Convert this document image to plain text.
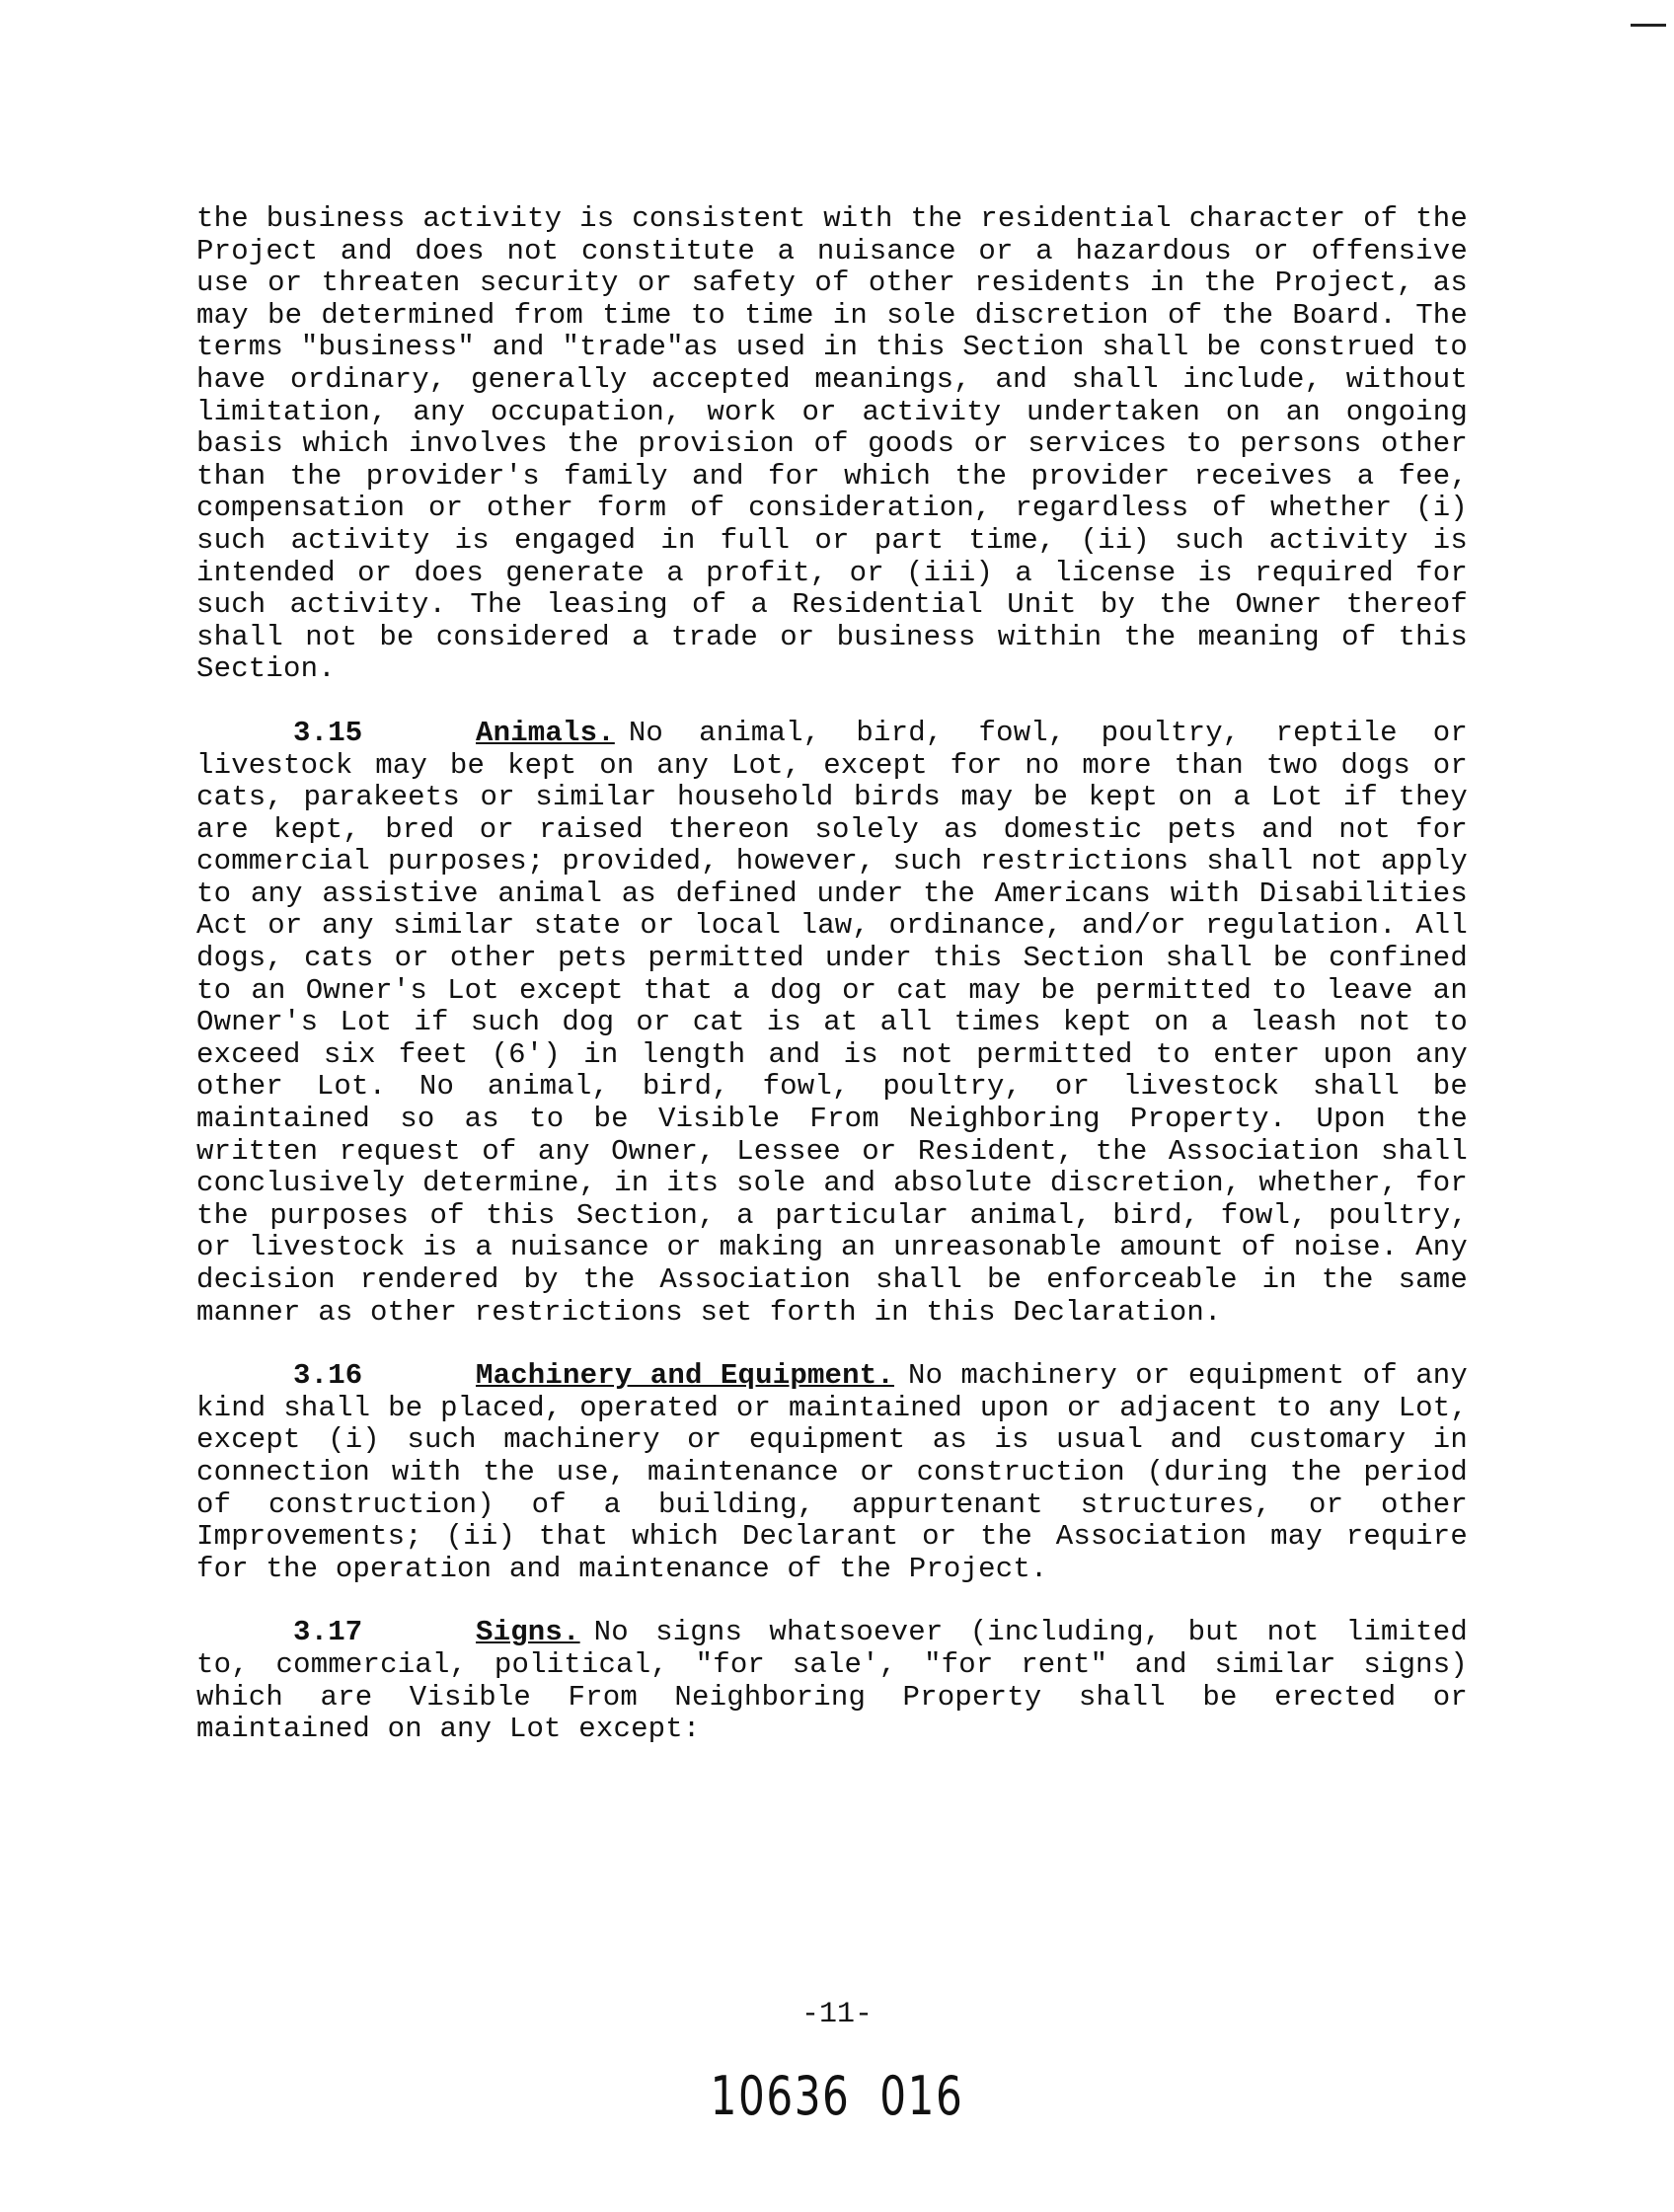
the business activity is consistent with the residential character of the Project and does not constitute a nuisance or a hazardous or offensive use or threaten security or safety of other residents in the Project, as may be determined from time to time in sole discretion of the Board. The terms "business" and "trade"as used in this Section shall be construed to have ordinary, generally accepted meanings, and shall include, without limitation, any occupation, work or activity undertaken on an ongoing basis which involves the provision of goods or services to persons other than the provider's family and for which the provider receives a fee, compensation or other form of consideration, regardless of whether (i) such activity is engaged in full or part time, (ii) such activity is intended or does generate a profit, or (iii) a license is required for such activity. The leasing of a Residential Unit by the Owner thereof shall not be considered a trade or business within the meaning of this Section.

3.15	Animals. No animal, bird, fowl, poultry, reptile or livestock may be kept on any Lot, except for no more than two dogs or cats, parakeets or similar household birds may be kept on a Lot if they are kept, bred or raised thereon solely as domestic pets and not for commercial purposes; provided, however, such restrictions shall not apply to any assistive animal as defined under the Americans with Disabilities Act or any similar state or local law, ordinance, and/or regulation. All dogs, cats or other pets permitted under this Section shall be confined to an Owner's Lot except that a dog or cat may be permitted to leave an Owner's Lot if such dog or cat is at all times kept on a leash not to exceed six feet (6') in length and is not permitted to enter upon any other Lot. No animal, bird, fowl, poultry, or livestock shall be maintained so as to be Visible From Neighboring Property. Upon the written request of any Owner, Lessee or Resident, the Association shall conclusively determine, in its sole and absolute discretion, whether, for the purposes of this Section, a particular animal, bird, fowl, poultry, or livestock is a nuisance or making an unreasonable amount of noise. Any decision rendered by the Association shall be enforceable in the same manner as other restrictions set forth in this Declaration.

3.16	Machinery and Equipment. No machinery or equipment of any kind shall be placed, operated or maintained upon or adjacent to any Lot, except (i) such machinery or equipment as is usual and customary in connection with the use, maintenance or construction (during the period of construction) of a building, appurtenant structures, or other Improvements; (ii) that which Declarant or the Association may require for the operation and maintenance of the Project.

3.17	Signs. No signs whatsoever (including, but not limited to, commercial, political, "for sale', "for rent" and similar signs) which are Visible From Neighboring Property shall be erected or maintained on any Lot except:

-11-
10636  016
